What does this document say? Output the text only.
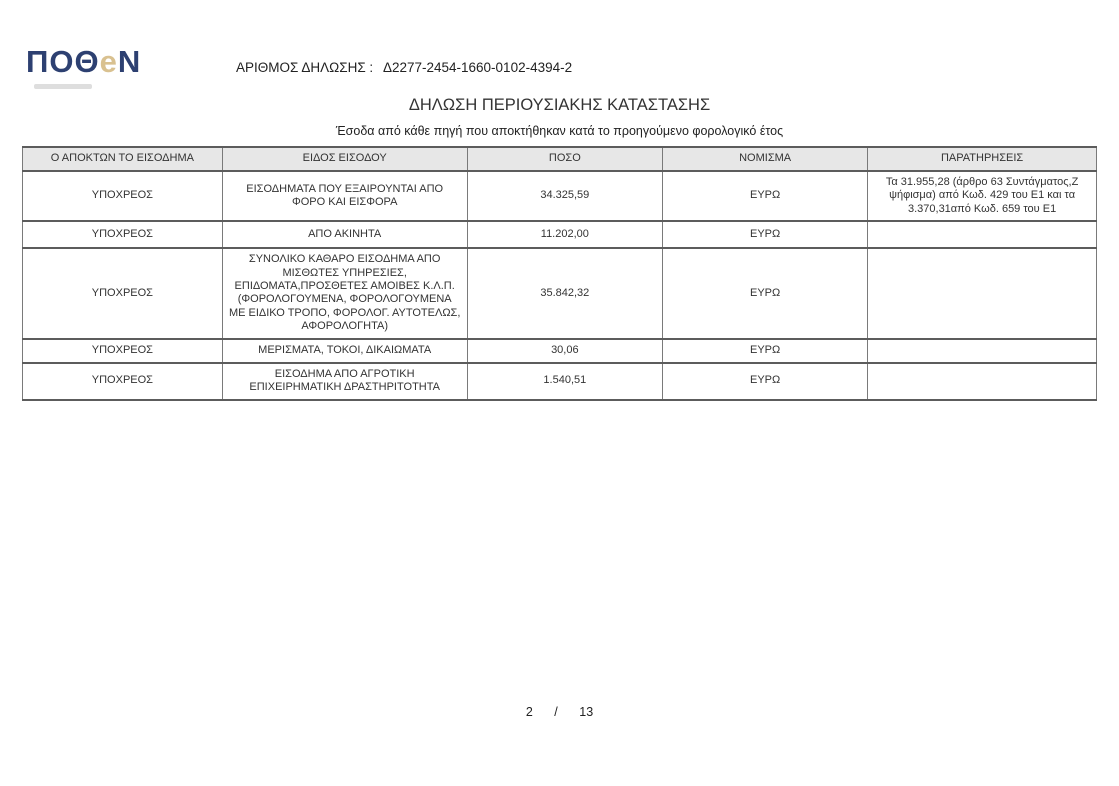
ΠΟΘeΝ	ΑΡΙΘΜΟΣ ΔΗΛΩΣΗΣ : Δ2277-2454-1660-0102-4394-2
ΔΗΛΩΣΗ ΠΕΡΙΟΥΣΙΑΚΗΣ ΚΑΤΑΣΤΑΣΗΣ
Έσοδα από κάθε πηγή που αποκτήθηκαν κατά το προηγούμενο φορολογικό έτος
Ο ΑΠΟΚΤΩΝ ΤΟ ΕΙΣΟΔΗΜΑ	ΕΙΔΟΣ ΕΙΣΟΔΟΥ	ΠΟΣΟ	ΝΟΜΙΣΜΑ	ΠΑΡΑΤΗΡΗΣΕΙΣ
ΥΠΟΧΡΕΟΣ	ΕΙΣΟΔΗΜΑΤΑ ΠΟΥ ΕΞΑΙΡΟΥΝΤΑΙ ΑΠΟ ΦΟΡΟ ΚΑΙ ΕΙΣΦΟΡΑ	34.325,59	ΕΥΡΩ	Τα 31.955,28 (άρθρο 63 Συντάγματος,Ζ ψήφισμα) από Κωδ. 429 του Ε1 και τα 3.370,31από Κωδ. 659 του Ε1
ΥΠΟΧΡΕΟΣ	ΑΠΟ ΑΚΙΝΗΤΑ	11.202,00	ΕΥΡΩ	
ΥΠΟΧΡΕΟΣ	ΣΥΝΟΛΙΚΟ ΚΑΘΑΡΟ ΕΙΣΟΔΗΜΑ ΑΠΟ ΜΙΣΘΩΤΕΣ ΥΠΗΡΕΣΙΕΣ, ΕΠΙΔΟΜΑΤΑ,ΠΡΟΣΘΕΤΕΣ ΑΜΟΙΒΕΣ Κ.Λ.Π.(ΦΟΡΟΛΟΓΟΥΜΕΝΑ, ΦΟΡΟΛΟΓΟΥΜΕΝΑ ΜΕ ΕΙΔΙΚΟ ΤΡΟΠΟ, ΦΟΡΟΛΟΓ. ΑΥΤΟΤΕΛΩΣ, ΑΦΟΡΟΛΟΓΗΤΑ)	35.842,32	ΕΥΡΩ	
ΥΠΟΧΡΕΟΣ	ΜΕΡΙΣΜΑΤΑ, ΤΟΚΟΙ, ΔΙΚΑΙΩΜΑΤΑ	30,06	ΕΥΡΩ	
ΥΠΟΧΡΕΟΣ	ΕΙΣΟΔΗΜΑ ΑΠΟ ΑΓΡΟΤΙΚΗ ΕΠΙΧΕΙΡΗΜΑΤΙΚΗ ΔΡΑΣΤΗΡΙΤΟΤΗΤΑ	1.540,51	ΕΥΡΩ	
2 / 13
